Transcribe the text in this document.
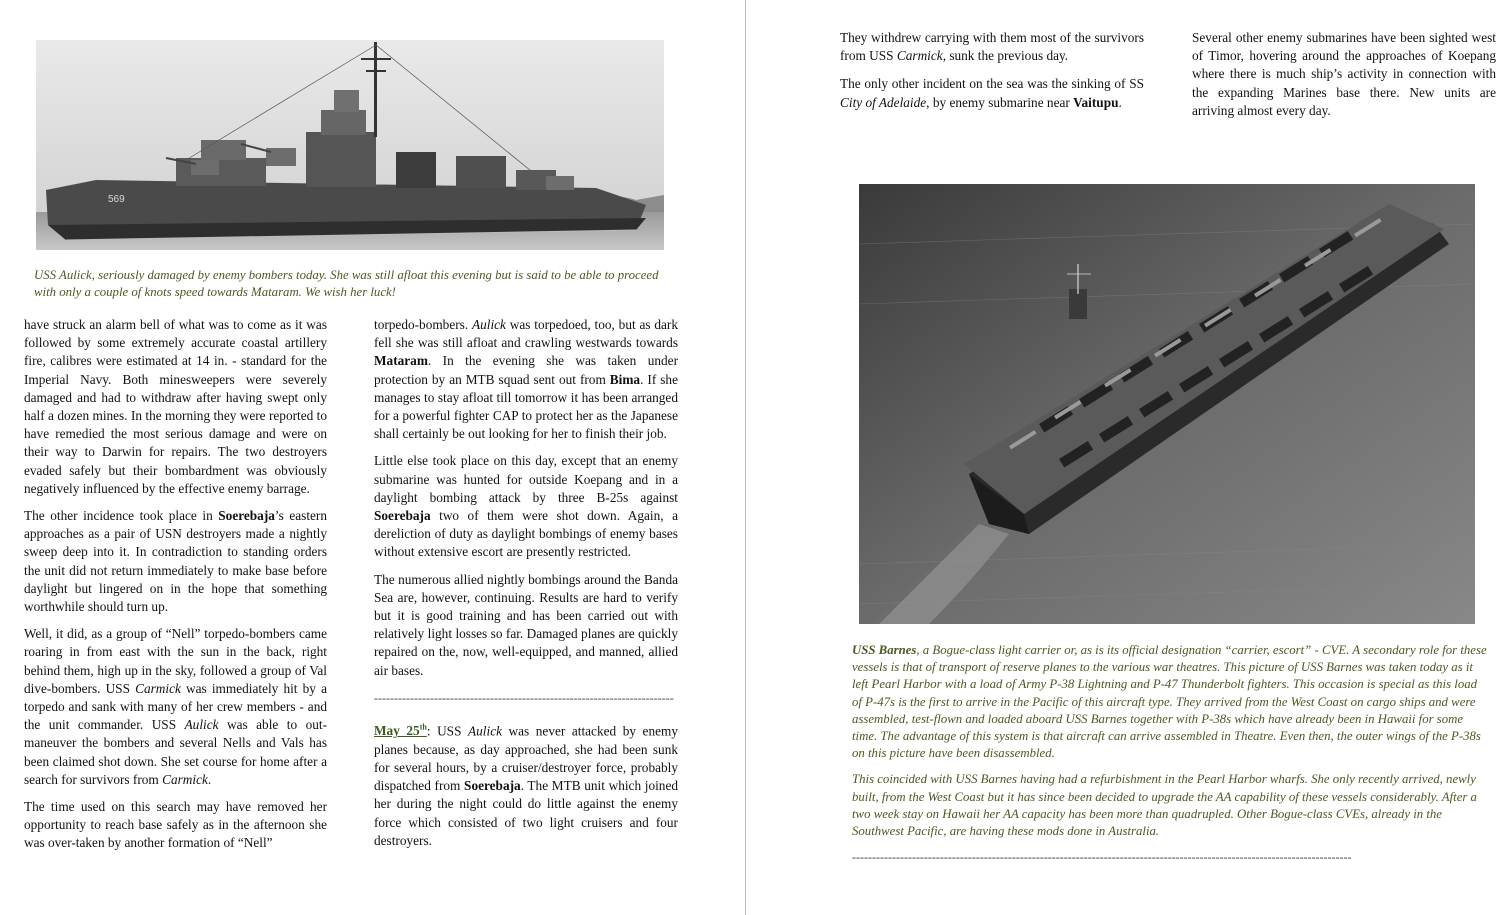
569

USS Aulick, seriously damaged by enemy bombers today. She was still afloat this evening but is said to be able to proceed with only a couple of knots speed towards Mataram. We wish her luck!

have struck an alarm bell of what was to come as it was followed by some extremely accurate coastal artillery fire, calibres were estimated at 14 in. - standard for the Imperial Navy. Both minesweepers were severely damaged and had to withdraw after having swept only half a dozen mines. In the morning they were reported to have remedied the most serious damage and were on their way to Darwin for repairs. The two destroyers evaded safely but their bombardment was obviously negatively influenced by the effective enemy barrage.

The other incidence took place in Soerebaja’s eastern approaches as a pair of USN destroyers made a nightly sweep deep into it. In contradiction to standing orders the unit did not return immediately to make base before daylight but lingered on in the hope that something worthwhile should turn up.

Well, it did, as a group of “Nell” torpedo-bombers came roaring in from east with the sun in the back, right behind them, high up in the sky, followed a group of Val dive-bombers. USS Carmick was immediately hit by a torpedo and sank with many of her crew members - and the unit commander. USS Aulick was able to out-maneuver the bombers and several Nells and Vals has been claimed shot down. She set course for home after a search for survivors from Carmick.

The time used on this search may have removed her opportunity to reach base safely as in the afternoon she was over-taken by another formation of “Nell”

torpedo-bombers. Aulick was torpedoed, too, but as dark fell she was still afloat and crawling westwards towards Mataram. In the evening she was taken under protection by an MTB squad sent out from Bima. If she manages to stay afloat till tomorrow it has been arranged for a powerful fighter CAP to protect her as the Japanese shall certainly be out looking for her to finish their job.

Little else took place on this day, except that an enemy submarine was hunted for outside Koepang and in a daylight bombing attack by three B-25s against Soerebaja two of them were shot down. Again, a dereliction of duty as daylight bombings of enemy bases without extensive escort are presently restricted.

The numerous allied nightly bombings around the Banda Sea are, however, continuing. Results are hard to verify but it is good training and has been carried out with relatively light losses so far. Damaged planes are quickly repaired on the, now, well-equipped, and manned, allied air bases.

---------------------------------------------------------------------------

May 25th: USS Aulick was never attacked by enemy planes because, as day approached, she had been sunk for several hours, by a cruiser/destroyer force, probably dispatched from Soerebaja. The MTB unit which joined her during the night could do little against the enemy force which consisted of two light cruisers and four destroyers.

They withdrew carrying with them most of the survivors from USS Carmick, sunk the previous day.

The only other incident on the sea was the sinking of SS City of Adelaide, by enemy submarine near Vaitupu.

Several other enemy submarines have been sighted west of Timor, hovering around the approaches of Koepang where there is much ship’s activity in connection with the expanding Marines base there. New units are arriving almost every day.

USS Barnes, a Bogue-class light carrier or, as is its official designation “carrier, escort” - CVE. A secondary role for these vessels is that of transport of reserve planes to the various war theatres. This picture of USS Barnes was taken today as it left Pearl Harbor with a load of Army P-38 Lightning and P-47 Thunderbolt fighters. This occasion is special as this load of P-47s is the first to arrive in the Pacific of this aircraft type. They arrived from the West Coast on cargo ships and were assembled, test-flown and loaded aboard USS Barnes together with P-38s which have already been in Hawaii for some time. The advantage of this system is that aircraft can arrive assembled in Theatre. Even then, the outer wings of the P-38s on this picture have been disassembled.

This coincided with USS Barnes having had a refurbishment in the Pearl Harbor wharfs. She only recently arrived, newly built, from the West Coast but it has since been decided to upgrade the AA capability of these vessels considerably. After a two week stay on Hawaii her AA capacity has been more than quadrupled. Other Bogue-class CVEs, already in the Southwest Pacific, are having these mods done in Australia.

-----------------------------------------------------------------------------------------------------------------------------
